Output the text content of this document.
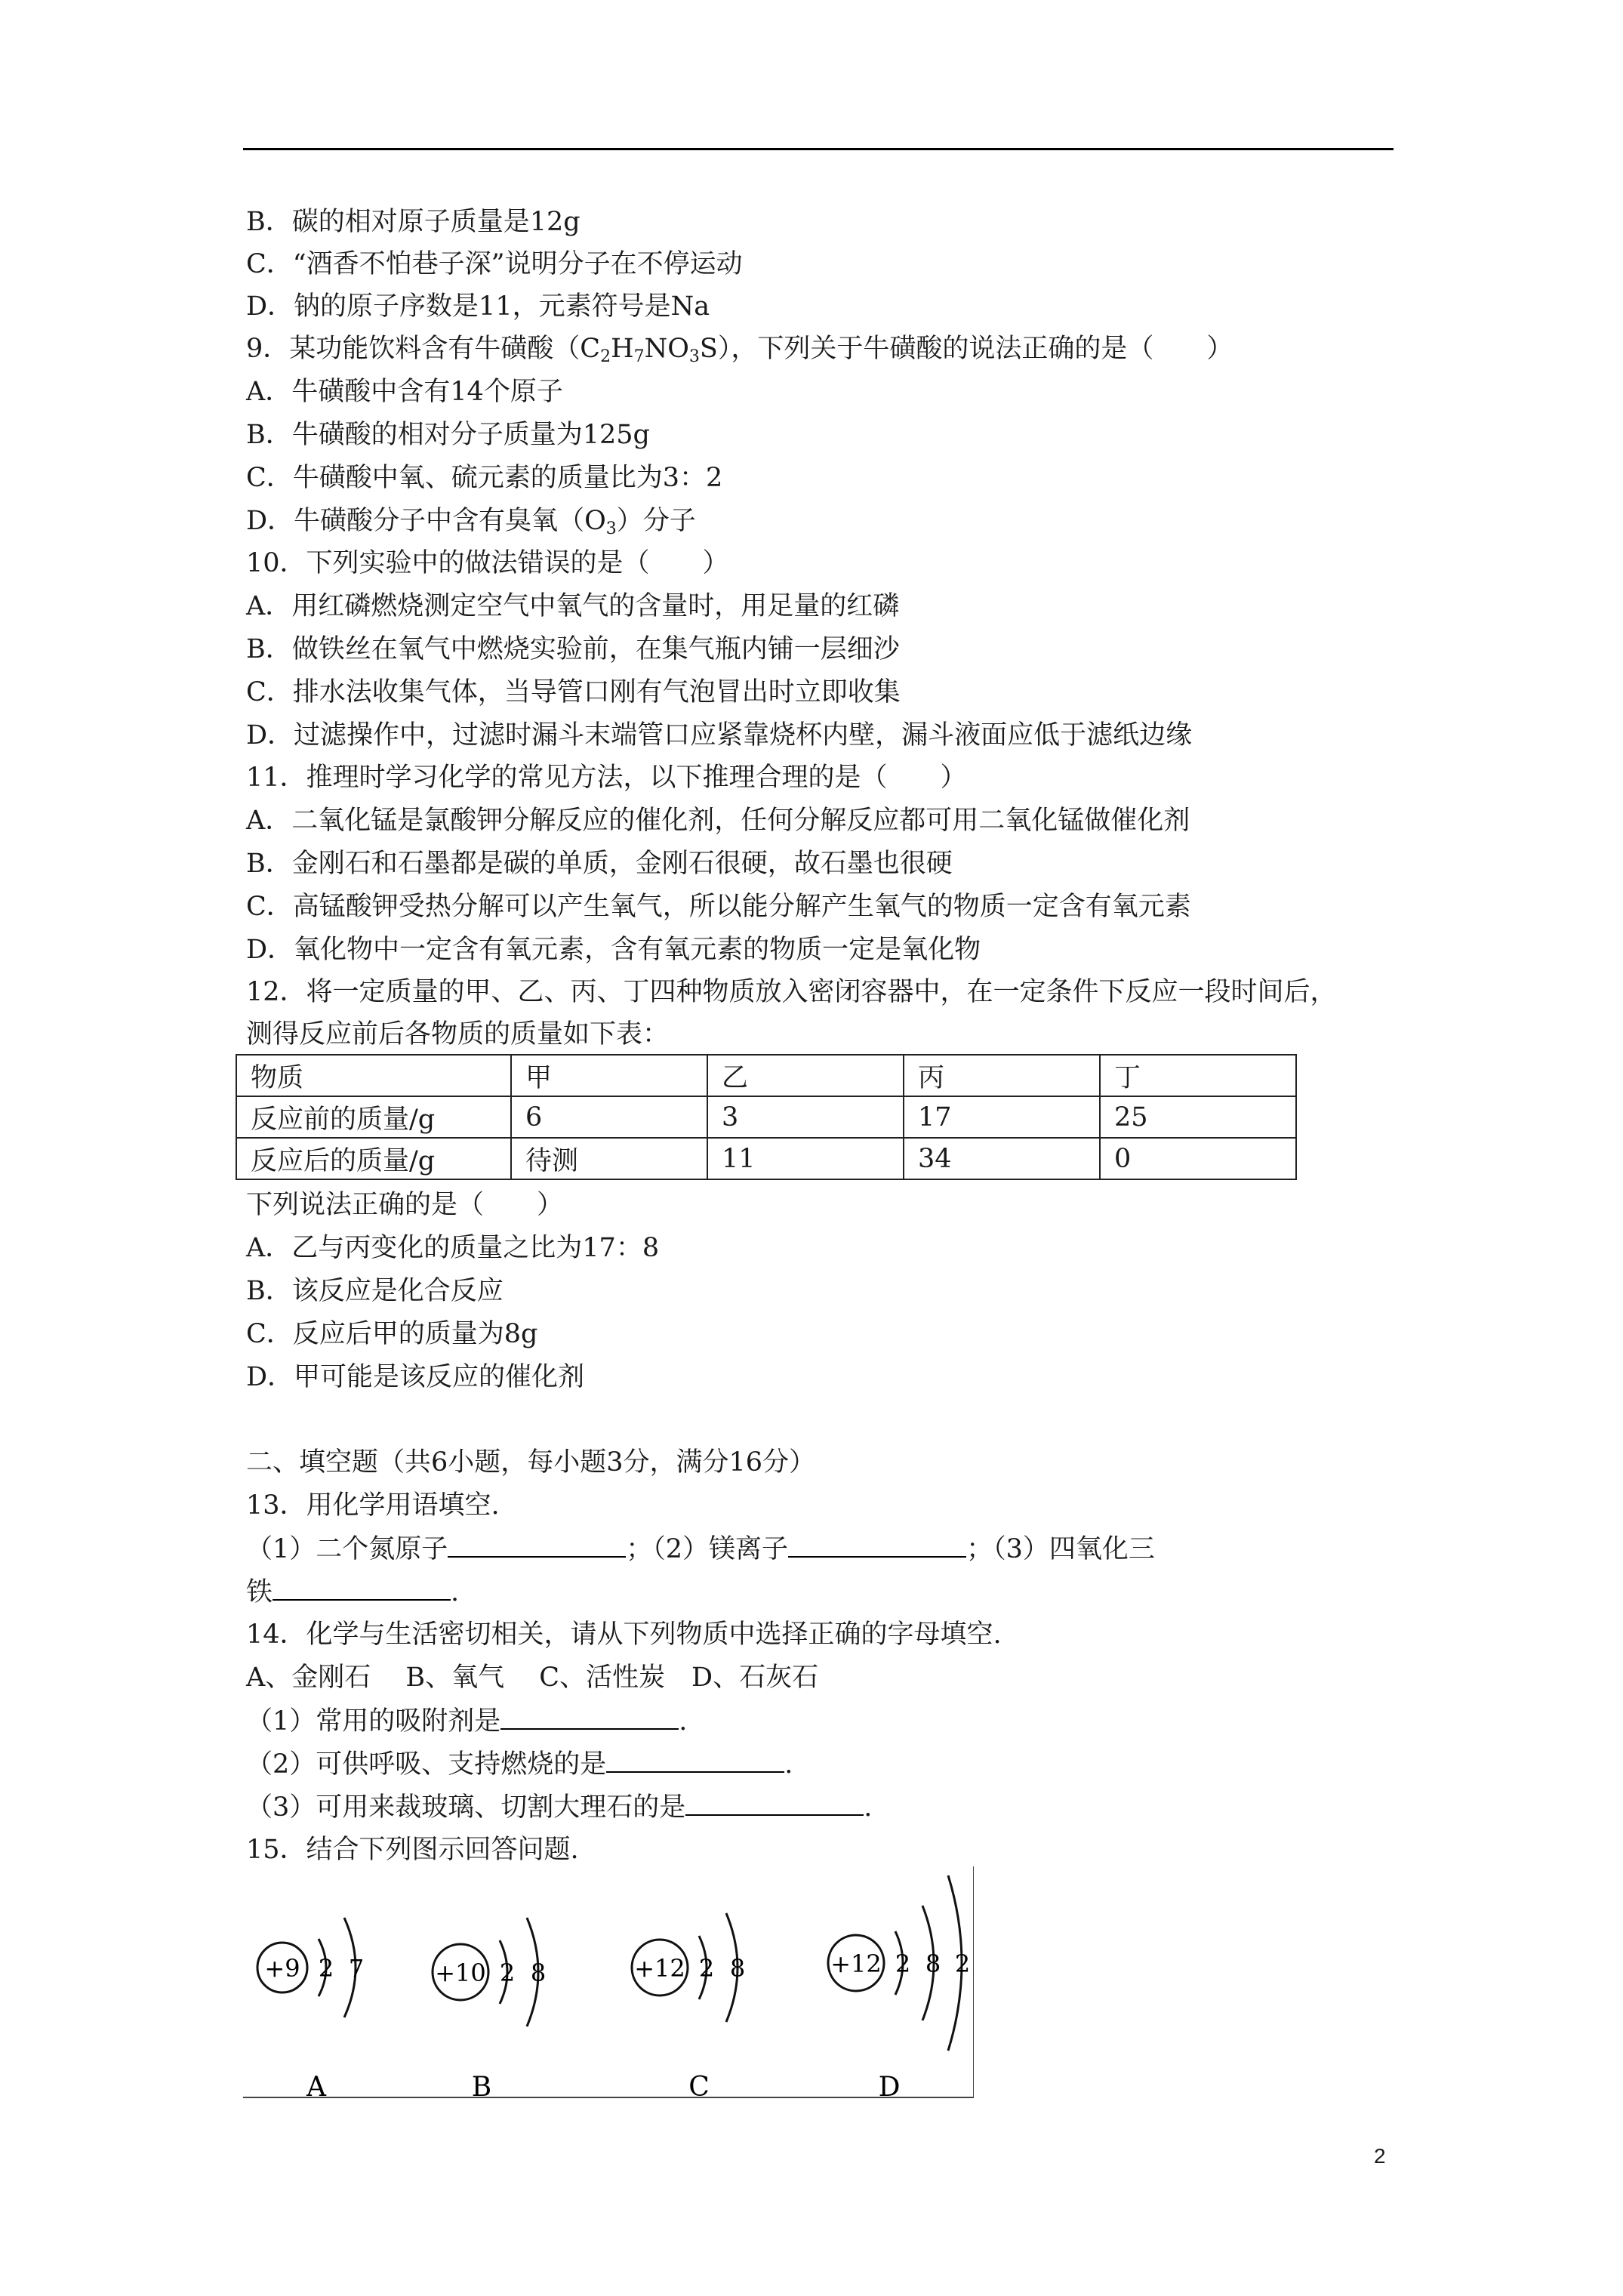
B．碳的相对原子质量是12g
C．“酒香不怕巷子深”说明分子在不停运动
D．钠的原子序数是11，元素符号是Na
9．某功能饮料含有牛磺酸$(C_2H_7NO_3S)$，下列关于牛磺酸的说法正确的是（　　）
A．牛磺酸中含有14个原子
B．牛磺酸的相对分子质量为125g
C．牛磺酸中氧、硫元素的质量比为3：2
D．牛磺酸分子中含有臭氧$(O_3)$分子
10．下列实验中的做法错误的是（　　）
A．用红磷燃烧测定空气中氧气的含量时，用足量的红磷
B．做铁丝在氧气中燃烧实验前，在集气瓶内铺一层细沙
C．排水法收集气体，当导管口刚有气泡冒出时立即收集
D．过滤操作中，过滤时漏斗末端管口应紧靠烧杯内壁，漏斗液面应低于滤纸边缘
11．推理时学习化学的常见方法，以下推理合理的是（　　）
A．二氧化锰是氯酸钾分解反应的催化剂，任何分解反应都可用二氧化锰做催化剂
B．金刚石和石墨都是碳的单质，金刚石很硬，故石墨也很硬
C．高锰酸钾受热分解可以产生氧气，所以能分解产生氧气的物质一定含有氧元素
D．氧化物中一定含有氧元素，含有氧元素的物质一定是氧化物
12．将一定质量的甲、乙、丙、丁四种物质放入密闭容器中，在一定条件下反应一段时间后，
测得反应前后各物质的质量如下表：
物质	甲	乙	丙	丁
反应前的质量/g	6	3	17	25
反应后的质量/g	待测	11	34	0
下列说法正确的是（　　）
A．乙与丙变化的质量之比为17：8
B．该反应是化合反应
C．反应后甲的质量为8g
D．甲可能是该反应的催化剂
二、填空题（共6小题，每小题3分，满分16分）
13．用化学用语填空.
（1）二个氮原子	；（2）镁离子	；（3）四氧化三
铁	.
14．化学与生活密切相关，请从下列物质中选择正确的字母填空.
A、金刚石　 B、氧气　 C、活性炭　D、石灰石
（1）常用的吸附剂是	.
（2）可供呼吸、支持燃烧的是	.
（3）可用来裁玻璃、切割大理石的是	.
15．结合下列图示回答问题.
+9 2 7
A
+10 2 8
B
+12 2 8
C
+12 2 8 2
D
2
